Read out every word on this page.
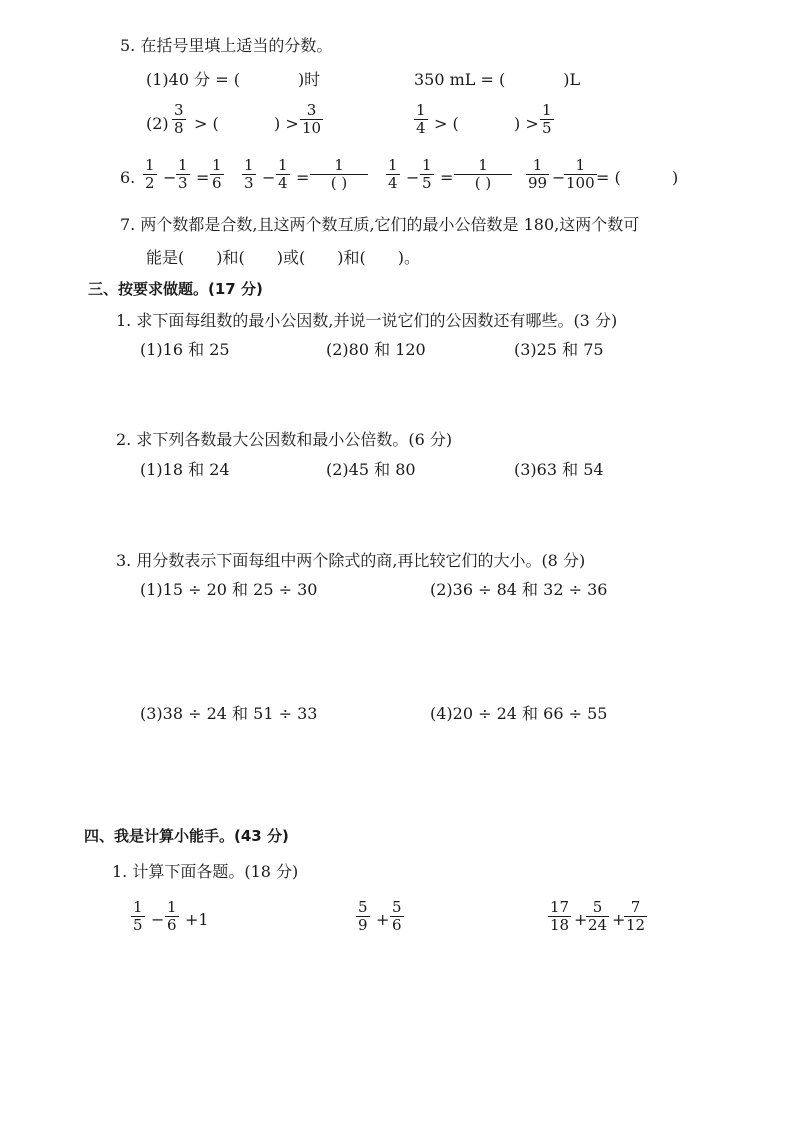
5. 在括号里填上适当的分数。
(1)40 分 = (	)时	350 mL = (	)L
(2)
3
8 > (	) >
3
10
1
4 > (	) >
1
5
6.
1
2 −
1
3 =
1
6
1
3 −
1
4 =
1
( )
1
4 −
1
5 =
1
( )
1
99 −
1
100 = (	)
7. 两个数都是合数,且这两个数互质,它们的最小公倍数是 180,这两个数可
能是(　　)和(　　)或(　　)和(　　)。
三、按要求做题。(17 分)
1. 求下面每组数的最小公因数,并说一说它们的公因数还有哪些。(3 分)
(1)16 和 25	(2)80 和 120	(3)25 和 75
2. 求下列各数最大公因数和最小公倍数。(6 分)
(1)18 和 24	(2)45 和 80	(3)63 和 54
3. 用分数表示下面每组中两个除式的商,再比较它们的大小。(8 分)
(1)15 ÷ 20 和 25 ÷ 30	(2)36 ÷ 84 和 32 ÷ 36
(3)38 ÷ 24 和 51 ÷ 33	(4)20 ÷ 24 和 66 ÷ 55
四、我是计算小能手。(43 分)
1. 计算下面各题。(18 分)
1
5 −
1
6 +1
5
9 +
5
6
17
18 +
5
24 +
7
12
